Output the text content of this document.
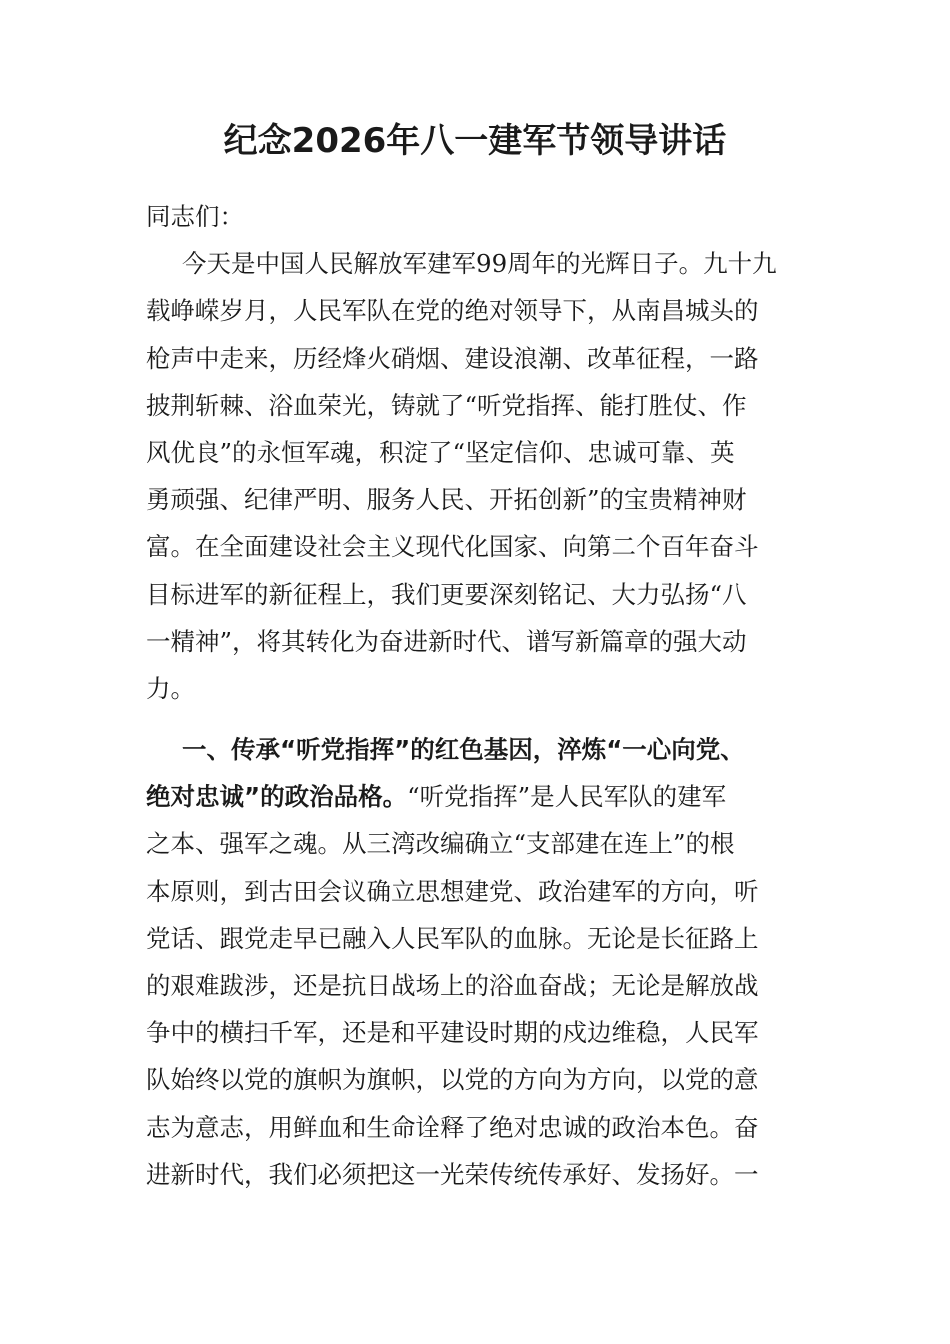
纪念2026年八一建军节领导讲话
同志们：
今天是中国人民解放军建军99周年的光辉日子。九十九
载峥嵘岁月，人民军队在党的绝对领导下，从南昌城头的
枪声中走来，历经烽火硝烟、建设浪潮、改革征程，一路
披荆斩棘、浴血荣光，铸就了“听党指挥、能打胜仗、作
风优良”的永恒军魂，积淀了“坚定信仰、忠诚可靠、英
勇顽强、纪律严明、服务人民、开拓创新”的宝贵精神财
富。在全面建设社会主义现代化国家、向第二个百年奋斗
目标进军的新征程上，我们更要深刻铭记、大力弘扬“八
一精神”，将其转化为奋进新时代、谱写新篇章的强大动
力。
一、传承“听党指挥”的红色基因，淬炼“一心向党、
绝对忠诚”的政治品格。“听党指挥”是人民军队的建军
之本、强军之魂。从三湾改编确立“支部建在连上”的根
本原则，到古田会议确立思想建党、政治建军的方向，听
党话、跟党走早已融入人民军队的血脉。无论是长征路上
的艰难跋涉，还是抗日战场上的浴血奋战；无论是解放战
争中的横扫千军，还是和平建设时期的戍边维稳，人民军
队始终以党的旗帜为旗帜，以党的方向为方向，以党的意
志为意志，用鲜血和生命诠释了绝对忠诚的政治本色。奋
进新时代，我们必须把这一光荣传统传承好、发扬好。一
